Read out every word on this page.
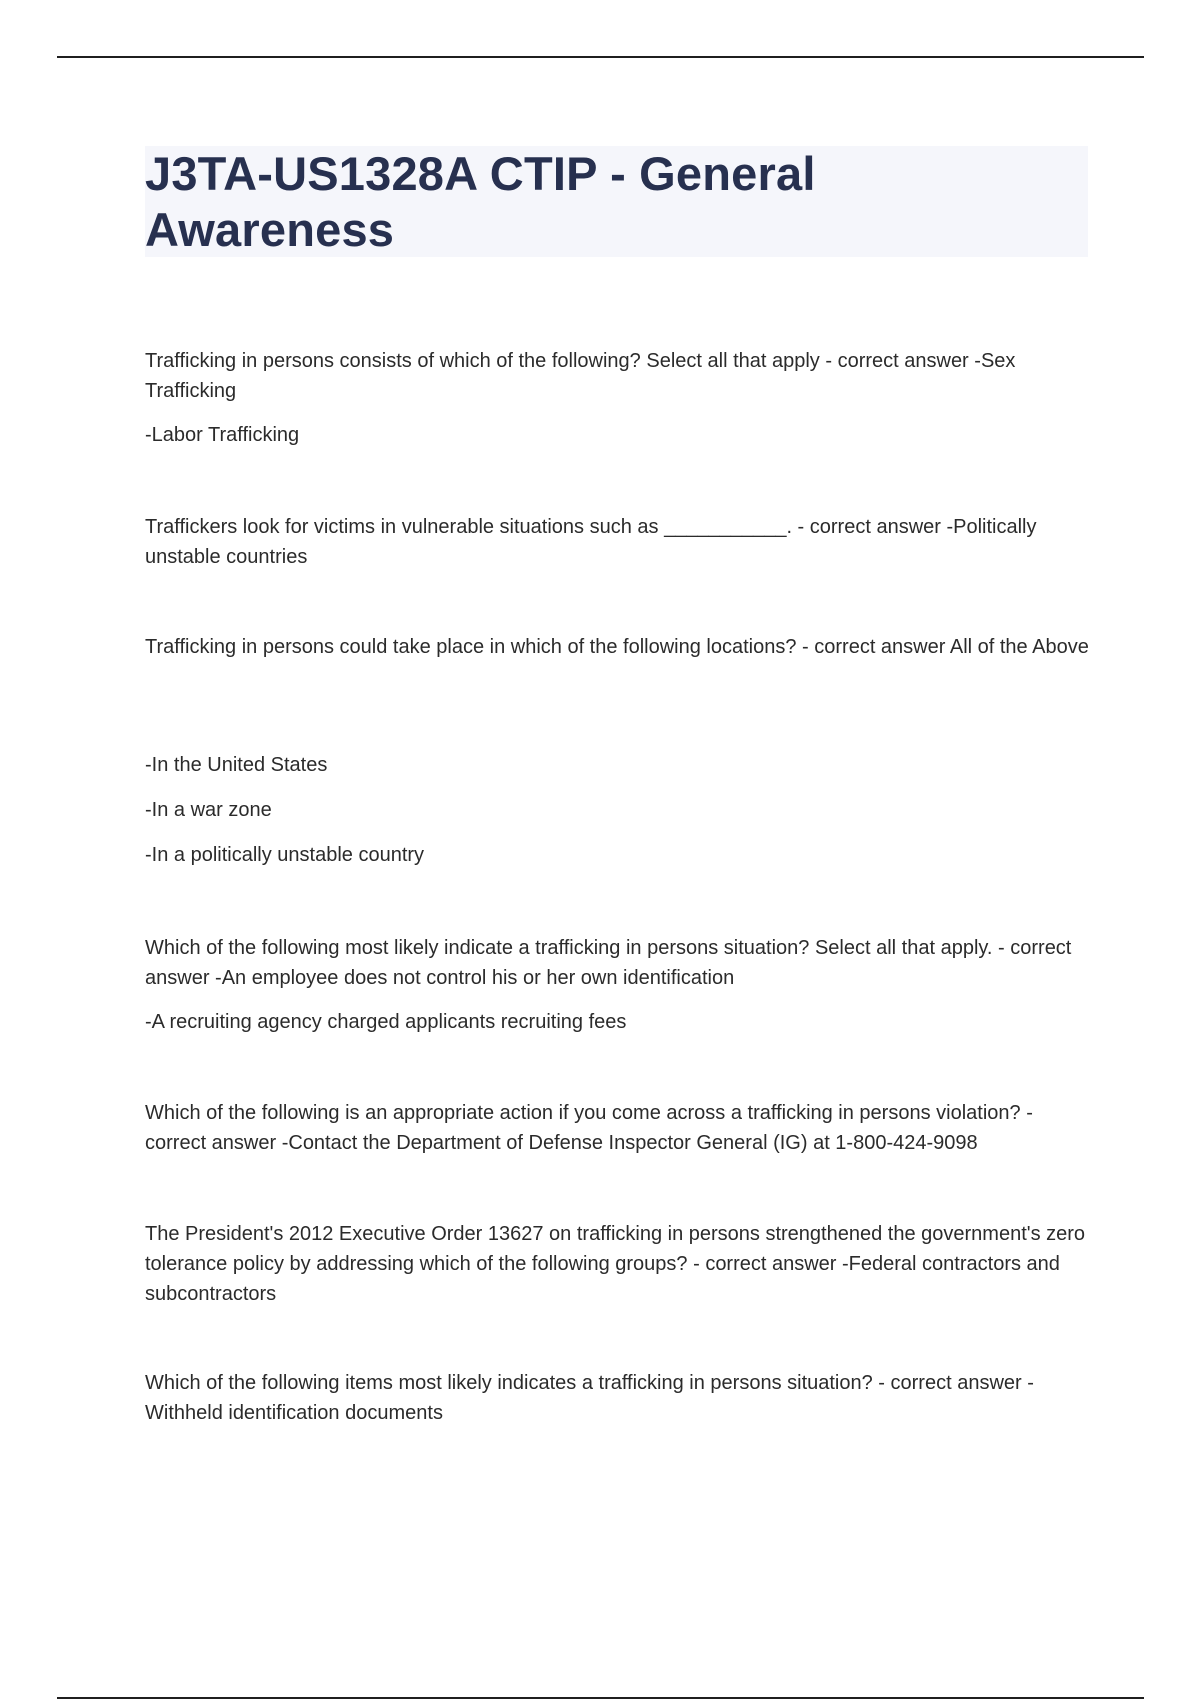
J3TA-US1328A CTIP - General Awareness

Trafficking in persons consists of which of the following? Select all that apply - correct answer -Sex Trafficking

-Labor Trafficking

Traffickers look for victims in vulnerable situations such as ___________. - correct answer -Politically unstable countries

Trafficking in persons could take place in which of the following locations? - correct answer All of the Above

-In the United States

-In a war zone

-In a politically unstable country

Which of the following most likely indicate a trafficking in persons situation? Select all that apply. - correct answer -An employee does not control his or her own identification

-A recruiting agency charged applicants recruiting fees

Which of the following is an appropriate action if you come across a trafficking in persons violation? - correct answer -Contact the Department of Defense Inspector General (IG) at 1-800-424-9098

The President's 2012 Executive Order 13627 on trafficking in persons strengthened the government's zero tolerance policy by addressing which of the following groups? - correct answer -Federal contractors and subcontractors

Which of the following items most likely indicates a trafficking in persons situation? - correct answer -Withheld identification documents
